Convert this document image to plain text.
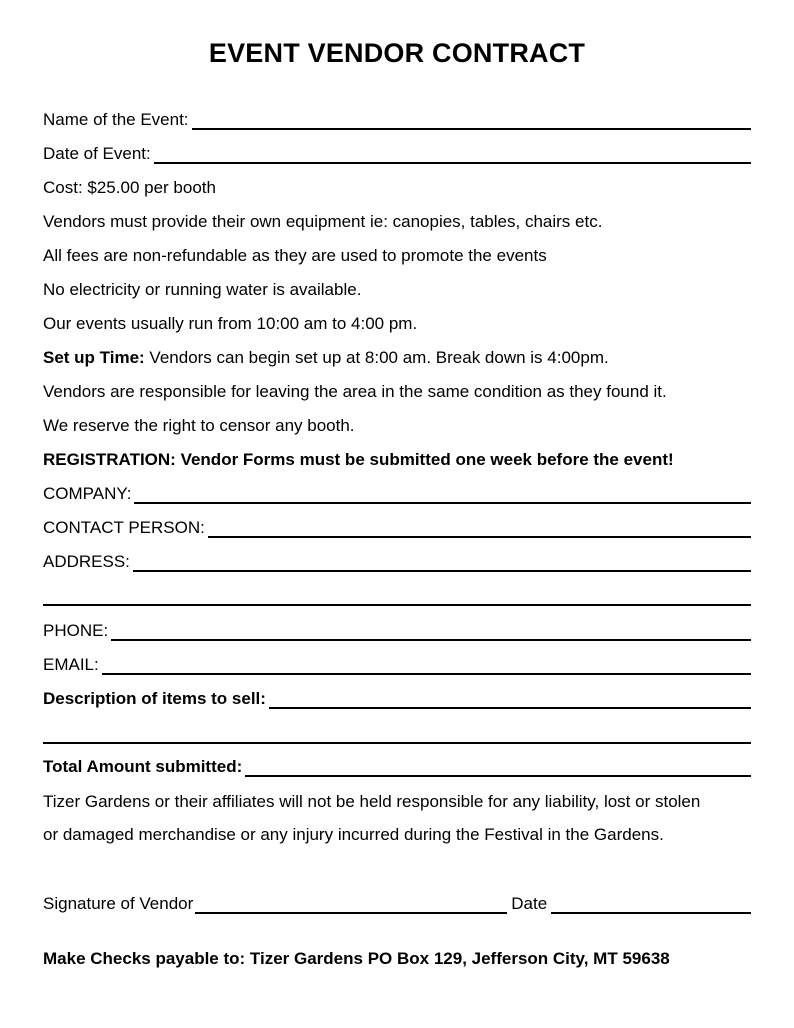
EVENT VENDOR CONTRACT
Name of the Event:
Date of Event:
Cost: $25.00 per booth
Vendors must provide their own equipment ie: canopies, tables, chairs etc.
All fees are non-refundable as they are used to promote the events
No electricity or running water is available.
Our events usually run from 10:00 am to 4:00 pm.
Set up Time: Vendors can begin set up at 8:00 am. Break down is 4:00pm.
Vendors are responsible for leaving the area in the same condition as they found it.
We reserve the right to censor any booth.
REGISTRATION: Vendor Forms must be submitted one week before the event!
COMPANY:
CONTACT PERSON:
ADDRESS:
PHONE:
EMAIL:
Description of items to sell:
Total Amount submitted:
Tizer Gardens or their affiliates will not be held responsible for any liability, lost or stolen
or damaged merchandise or any injury incurred during the Festival in the Gardens.
Signature of Vendor	Date
Make Checks payable to: Tizer Gardens PO Box 129, Jefferson City, MT 59638
